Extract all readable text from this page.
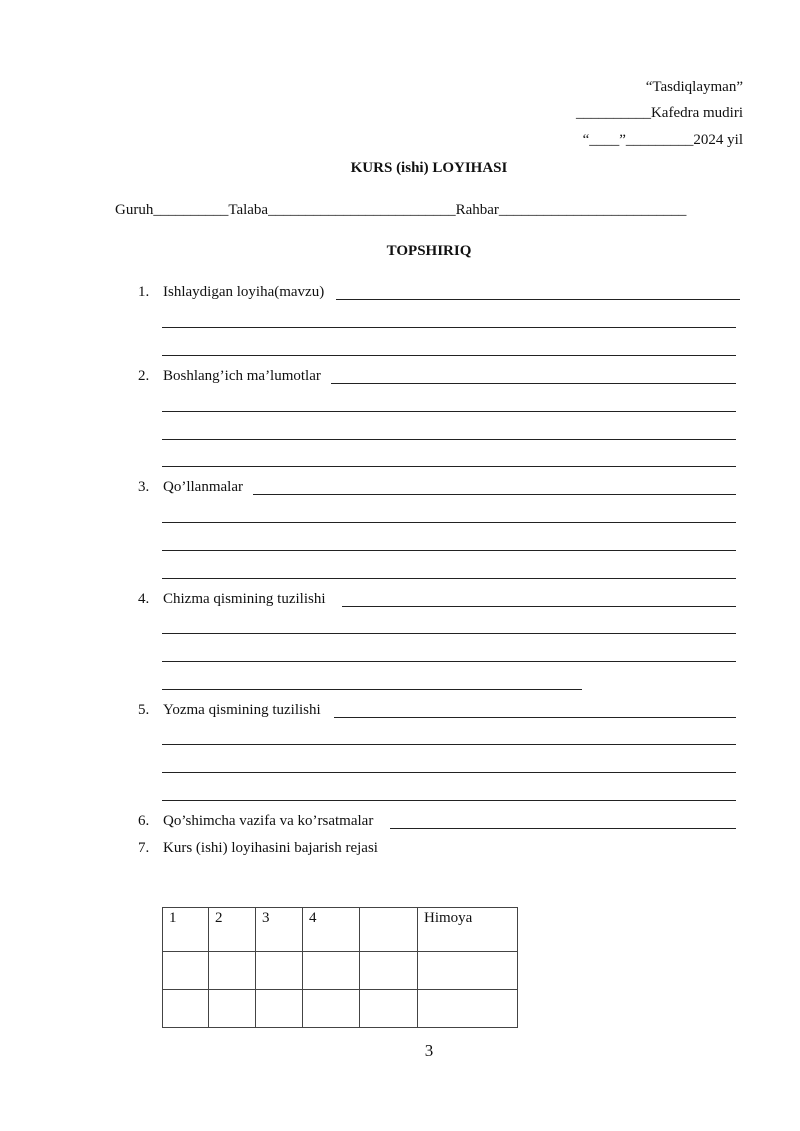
“Tasdiqlayman”
__________Kafedra mudiri
“____”_________2024 yil
KURS (ishi) LOYIHASI
Guruh__________Talaba_________________________Rahbar_________________________
TOPSHIRIQ
1. Ishlaydigan loyiha(mavzu)
2. Boshlang’ich ma’lumotlar
3. Qo’llanmalar
4. Chizma qismining tuzilishi
5. Yozma qismining tuzilishi
6. Qo’shimcha vazifa va ko’rsatmalar
7. Kurs (ishi) loyihasini bajarish rejasi
1	2	3	4		Himoya

3
